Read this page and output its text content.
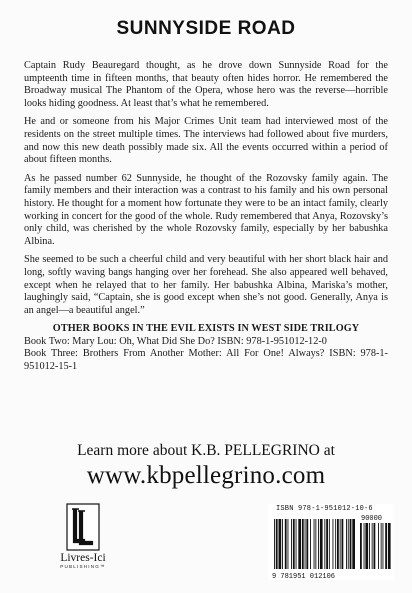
SUNNYSIDE ROAD

Captain Rudy Beauregard thought, as he drove down Sunnyside Road for the umpteenth time in fifteen months, that beauty often hides horror. He remembered the Broadway musical The Phantom of the Opera, whose hero was the reverse—horrible looks hiding goodness. At least that’s what he remembered.

He and or someone from his Major Crimes Unit team had interviewed most of the residents on the street multiple times. The interviews had followed about five murders, and now this new death possibly made six. All the events occurred within a period of about fifteen months.

As he passed number 62 Sunnyside, he thought of the Rozovsky family again. The family members and their interaction was a contrast to his family and his own personal history. He thought for a moment how fortunate they were to be an intact family, clearly working in concert for the good of the whole. Rudy remembered that Anya, Rozovsky’s only child, was cherished by the whole Rozovsky family, especially by her babushka Albina.

She seemed to be such a cheerful child and very beautiful with her short black hair and long, softly waving bangs hanging over her forehead. She also appeared well behaved, except when he relayed that to her family. Her babushka Albina, Mariska’s mother, laughingly said, “Captain, she is good except when she’s not good. Generally, Anya is an angel—a beautiful angel.”

OTHER BOOKS IN THE EVIL EXISTS IN WEST SIDE TRILOGY
Book Two: Mary Lou: Oh, What Did She Do? ISBN: 978-1-951012-12-0
Book Three: Brothers From Another Mother: All For One! Always? ISBN: 978-1-951012-15-1
Learn more about K.B. PELLEGRINO at
www.kbpellegrino.com
Livres-Ici
PUBLISHING™
ISBN 978-1-951012-10-6
90000
9 781951 012106
